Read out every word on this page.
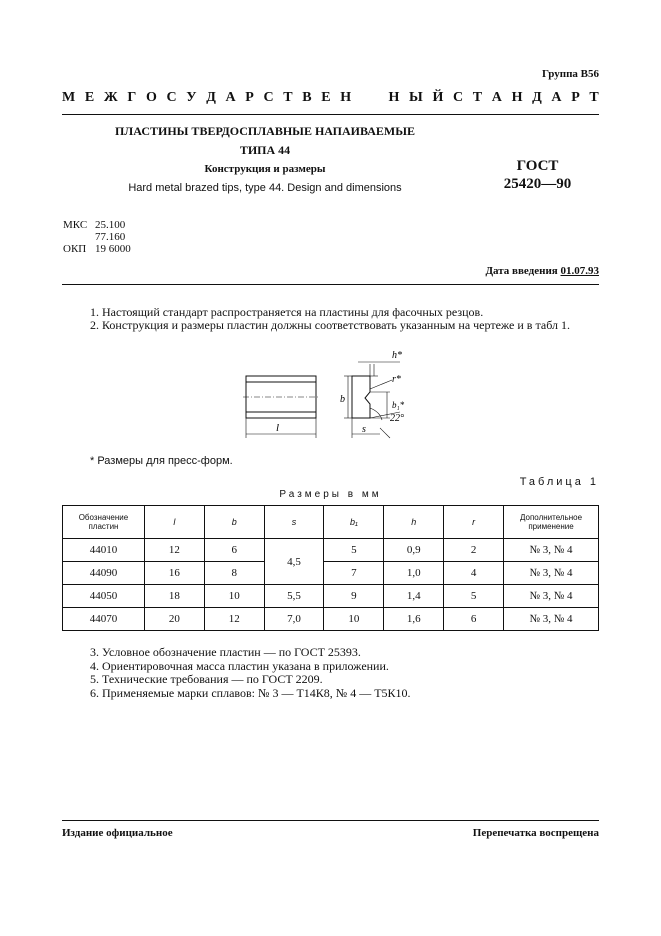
Группа В56
М Е Ж Г О С У Д А Р С Т В Е Н	Н Ы Й С Т А Н Д А Р Т
ПЛАСТИНЫ ТВЕРДОСПЛАВНЫЕ НАПАИВАЕМЫЕ
ТИПА 44
Конструкция и размеры
Hard metal brazed tips, type 44. Design and dimensions
ГОСТ
25420—90
МКС 25.100
77.160
ОКП 19 6000
Дата введения 01.07.93
1. Настоящий стандарт распространяется на пластины для фасочных резцов.
2. Конструкция и размеры пластин должны соответствовать указанным на чертеже и в табл 1.
l
b
h*
r*
b₁*
22°
s
* Размеры для пресс-форм.
Таблица 1
Размеры в мм
Обозначение пластин	l	b	s	b₁	h	r	Дополнительное применение
44010	12	6	4,5	5	0,9	2	№ 3, № 4
44090	16	8		7	1,0	4	№ 3, № 4
44050	18	10	5,5	9	1,4	5	№ 3, № 4
44070	20	12	7,0	10	1,6	6	№ 3, № 4
3. Условное обозначение пластин — по ГОСТ 25393.
4. Ориентировочная масса пластин указана в приложении.
5. Технические требования — по ГОСТ 2209.
6. Применяемые марки сплавов: № 3 — Т14К8, № 4 — Т5К10.
Издание официальное	Перепечатка воспрещена
